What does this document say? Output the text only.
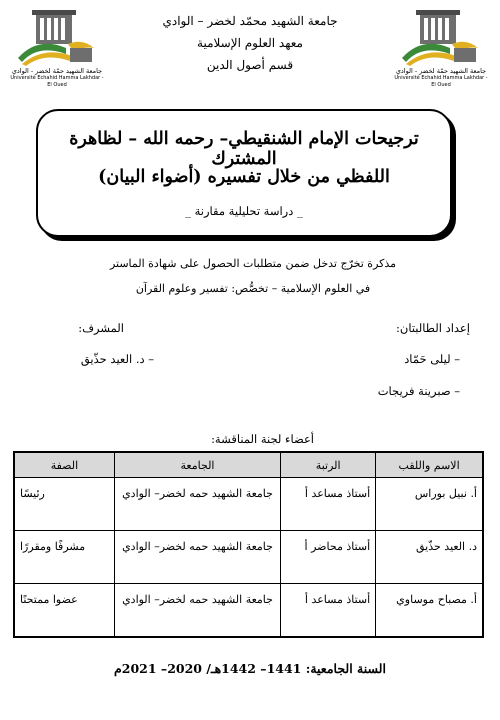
جامعة الشهيد حمّة لخضر - الوادي
Université Echahid Hamma Lakhdar - El Oued
جامعة الشهيد حمّة لخضر - الوادي
Université Echahid Hamma Lakhdar - El Oued
جامعة الشهيد محمّد لخضر – الوادي
معهد العلوم الإسلامية
قسم أصول الدين
ترجيحات الإمام الشنقيطي– رحمه الله – لظاهرة المشترك
اللفظي من خلال تفسيره (أضواء البيان)
_ دراسة تحليلية مقارنة _
مذكرة تخرّج تدخل ضمن متطلبات الحصول على شهادة الماستر
في العلوم الإسلامية – تخصُّص: تفسير وعلوم القرآن
إعداد الطالبتان:
المشرف:
– ليلى حَمّاد
– د. العيد حذّيق
– صبرينة فريجات
أعضاء لجنة المناقشة:
الاسم واللقب	الرتبة	الجامعة	الصفة
أ. نبيل بوراس	أستاذ مساعد أ	جامعة الشهيد حمه لخضر– الوادي	رئيسًا
د. العيد حذّيق	أستاذ محاضر أ	جامعة الشهيد حمه لخضر– الوادي	مشرفًا ومقررًا
أ. مصباح موساوي	أستاذ مساعد أ	جامعة الشهيد حمه لخضر– الوادي	عضوا ممتحنًا
السنة الجامعية: 1441– 1442هـ/ 2020– 2021م
